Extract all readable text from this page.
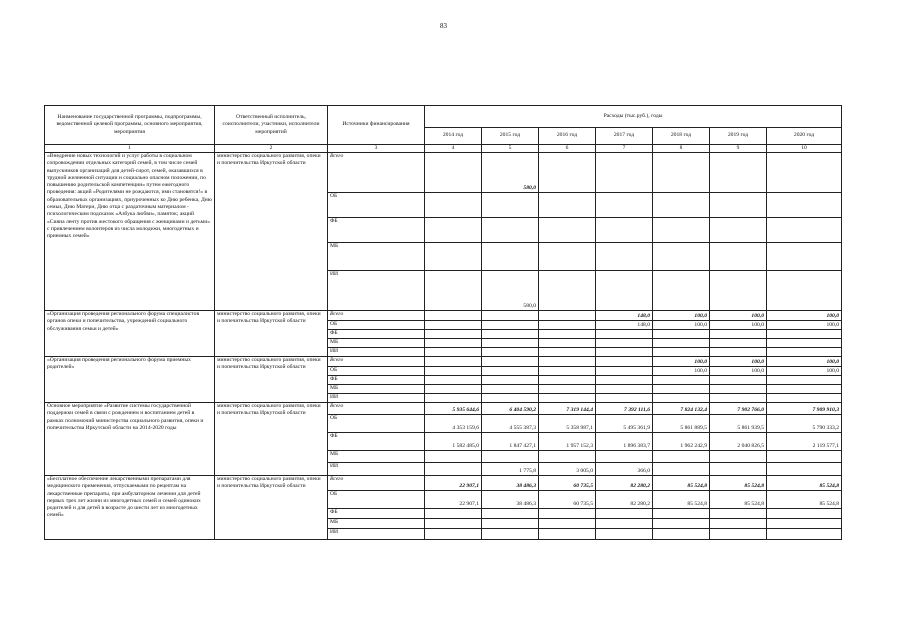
83
Наименование государственной программы, подпрограммы, ведомственной целевой программы, основного мероприятия, мероприятия	Ответственный исполнитель, соисполнители, участники, исполнители мероприятий	Источники финансирования	Расходы (тыс.руб.), годы						
			2014 год	2015 год	2016 год	2017 год	2018 год	2019 год	2020 год
1	2	3	4	5	6	7	8	9	10
«Внедрение новых технологий и услуг работы в социальном сопровождении отдельных категорий семей, в том числе семей выпускников организаций для детей-сирот, семей, оказавшихся в трудной жизненной ситуации и социально опасном положении, по повышению родительской компетенции» путем ежегодного проведения: акций «Родителями не рождаются, ими становятся!» в образовательных организациях, приуроченных ко Дню ребенка, Дню семьи, Дню Матери, Дню отца с раздаточным материалом - психологическим подсказок «Азбука любви», памяток; акций «Сияна ленту против жестокого обращения с женщинами и детьми» с привлечением волонтеров из числа молодежи, многодетных и приемных семей»	министерство социального развития, опеки и попечительства Иркутской области	Всего		580,0					
		ОБ							
		ФБ							
		МБ							
		ИИ		580,0					
«Организация проведения регионального форума специалистов органов опеки и попечительства, учреждений социального обслуживания семьи и детей»	министерство социального развития, опеки и попечительства Иркутской области	Всего				148,0	100,0	100,0	100,0
		ОБ				148,0	100,0	100,0	100,0
		ФБ							
		МБ							
		ИИ							
«Организация проведения регионального форума приемных родителей»	министерство социального развития, опеки и попечительства Иркутской области	Всего					100,0	100,0	100,0
		ОБ					100,0	100,0	100,0
		ФБ							
		МБ							
		ИИ							
Основное мероприятие «Развитие системы государственной поддержки семей в связи с рождением и воспитанием детей в рамках полномочий министерства социального развития, опеки и попечительства Иркутской области на 2014-2020 годы	министерство социального развития, опеки и попечительства Иркутской области	Всего	5 935 644,6	6 404 590,2	7 319 144,4	7 392 111,6	7 824 132,4	7 902 766,0	7 909 910,3
		ОБ	4 353 159,6	4 555 387,3	5 358 987,1	5 495 361,9	5 861 889,5	5 861 939,5	5 790 333,2
		ФБ	1 582 485,0	1 847 427,1	1 957 152,3	1 896 383,7	1 962 242,9	2 040 826,5	2 119 577,1
		МБ							
		ИИ		1 775,8	3 005,0	366,0			
«Бесплатное обеспечение лекарственными препаратами для медицинского применения, отпускаемыми по рецептам на лекарственные препараты, при амбулаторном лечении для детей первых трех лет жизни из многодетных семей и семей одиноких родителей и для детей в возрасте до шести лет из многодетных семей»	министерство социального развития, опеки и попечительства Иркутской области	Всего	22 907,1	38 486,3	60 735,5	82 280,2	85 524,8	85 524,8	85 524,8
		ОБ	22 907,1	38 486,3	60 735,5	82 280,2	85 524,8	85 524,8	85 524,8
		ФБ							
		МБ							
		ИИ							
